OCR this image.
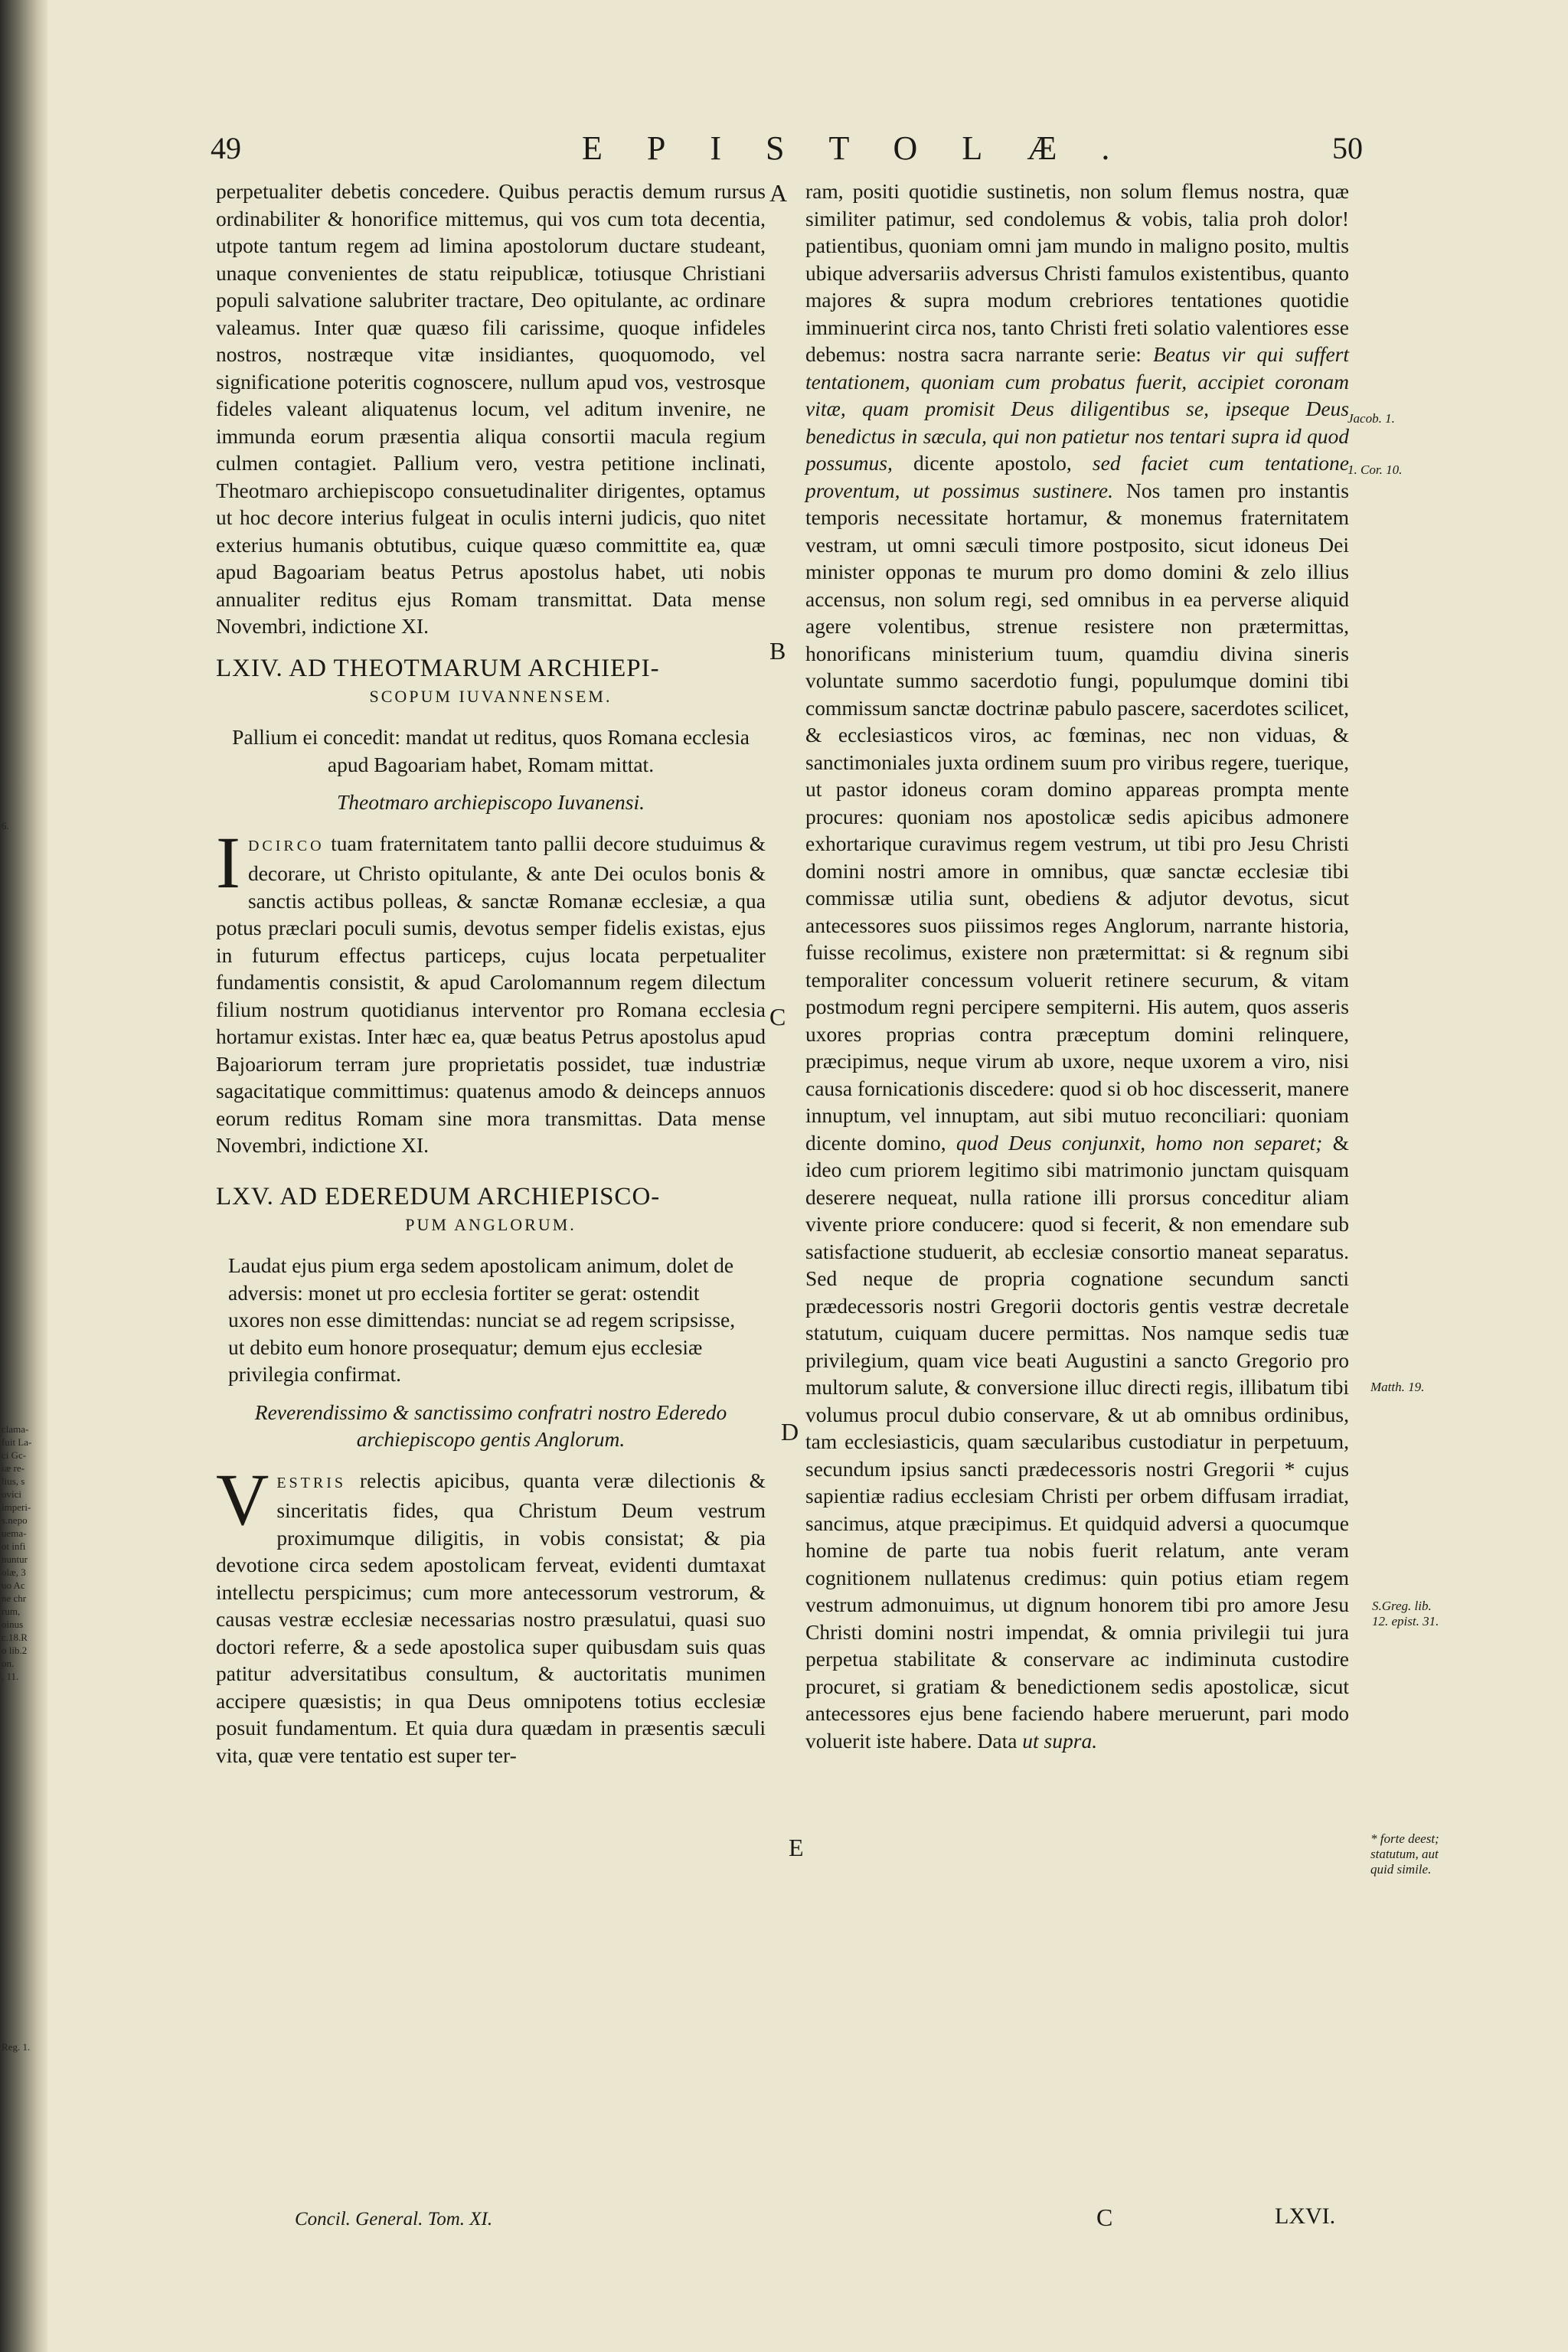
6.
clama-
fuit La-
ci Gc-
iæ re-
lius, s
ovici
imperi-
s.nepo
uema-
ot infi
nuntur
olæ, 3
uo Ac
ne chr
rum,
oinus
c.18.R
o lib.2
on.
, 11.
Reg. 1.
49	EPISTOLÆ.	50

perpetualiter debetis concedere. Quibus peractis demum rursus ordinabiliter & honorifice mittemus, qui vos cum tota decentia, utpote tantum regem ad limina apostolorum ductare studeant, unaque convenientes de statu reipublicæ, totiusque Christiani populi salvatione salubriter tractare, Deo opitulante, ac ordinare valeamus. Inter quæ quæso fili carissime, quoque infideles nostros, nostræque vitæ insidiantes, quoquomodo, vel significatione poteritis cognoscere, nullum apud vos, vestrosque fideles valeant aliquatenus locum, vel aditum invenire, ne immunda eorum præsentia aliqua consortii macula regium culmen contagiet. Pallium vero, vestra petitione inclinati, Theotmaro archiepiscopo consuetudinaliter dirigentes, optamus ut hoc decore interius fulgeat in oculis interni judicis, quo nitet exterius humanis obtutibus, cuique quæso committite ea, quæ apud Bagoariam beatus Petrus apostolus habet, uti nobis annualiter reditus ejus Romam transmittat. Data mense Novembri, indictione XI.

LXIV. AD THEOTMARUM ARCHIEPI-
SCOPUM IUVANNENSEM.
Pallium ei concedit: mandat ut reditus, quos Romana ecclesia apud Bagoariam habet, Romam mittat.
Theotmaro archiepiscopo Iuvanensi.
I DCIRCO tuam fraternitatem tanto pallii decore studuimus & decorare, ut Christo opitulante, & ante Dei oculos bonis & sanctis actibus polleas, & sanctæ Romanæ ecclesiæ, a qua potus præclari poculi sumis, devotus semper fidelis existas, ejus in futurum effectus particeps, cujus locata perpetualiter fundamentis consistit, & apud Carolomannum regem dilectum filium nostrum quotidianus interventor pro Romana ecclesia hortamur existas. Inter hæc ea, quæ beatus Petrus apostolus apud Bajoariorum terram jure proprietatis possidet, tuæ industriæ sagacitatique committimus: quatenus amodo & deinceps annuos eorum reditus Romam sine mora transmittas. Data mense Novembri, indictione XI.
LXV. AD EDEREDUM ARCHIEPISCO-
PUM ANGLORUM.
Laudat ejus pium erga sedem apostolicam animum, dolet de adversis: monet ut pro ecclesia fortiter se gerat: ostendit uxores non esse dimittendas: nunciat se ad regem scripsisse, ut debito eum honore prosequatur; demum ejus ecclesiæ privilegia confirmat.
Reverendissimo & sanctissimo confratri nostro Ederedo archiepiscopo gentis Anglorum.
V ESTRIS relectis apicibus, quanta veræ dilectionis & sinceritatis fides, qua Christum Deum vestrum proximumque diligitis, in vobis consistat; & pia devotione circa sedem apostolicam ferveat, evidenti dumtaxat intellectu perspicimus; cum more antecessorum vestrorum, & causas vestræ ecclesiæ necessarias nostro præsulatui, quasi suo doctori referre, & a sede apostolica super quibusdam suis quas patitur adversitatibus consultum, & auctoritatis munimen accipere quæsistis; in qua Deus omnipotens totius ecclesiæ posuit fundamentum. Et quia dura quædam in præsentis sæculi vita, quæ vere tentatio est super ter-
A
B
C
D
E

ram, positi quotidie sustinetis, non solum flemus nostra, quæ similiter patimur, sed condolemus & vobis, talia proh dolor! patientibus, quoniam omni jam mundo in maligno posito, multis ubique adversariis adversus Christi famulos existentibus, quanto majores & supra modum crebriores tentationes quotidie imminuerint circa nos, tanto Christi freti solatio valentiores esse debemus: nostra sacra narrante serie: Beatus vir qui suffert tentationem, quoniam cum probatus fuerit, accipiet coronam vitæ, quam promisit Deus diligentibus se, ipseque Deus benedictus in sæcula, qui non patietur nos tentari supra id quod possumus, dicente apostolo, sed faciet cum tentatione proventum, ut possimus sustinere. Nos tamen pro instantis temporis necessitate hortamur, & monemus fraternitatem vestram, ut omni sæculi timore postposito, sicut idoneus Dei minister opponas te murum pro domo domini & zelo illius accensus, non solum regi, sed omnibus in ea perverse aliquid agere volentibus, strenue resistere non prætermittas, honorificans ministerium tuum, quamdiu divina sineris voluntate summo sacerdotio fungi, populumque domini tibi commissum sanctæ doctrinæ pabulo pascere, sacerdotes scilicet, & ecclesiasticos viros, ac fœminas, nec non viduas, & sanctimoniales juxta ordinem suum pro viribus regere, tuerique, ut pastor idoneus coram domino appareas prompta mente procures: quoniam nos apostolicæ sedis apicibus admonere exhortarique curavimus regem vestrum, ut tibi pro Jesu Christi domini nostri amore in omnibus, quæ sanctæ ecclesiæ tibi commissæ utilia sunt, obediens & adjutor devotus, sicut antecessores suos piissimos reges Anglorum, narrante historia, fuisse recolimus, existere non prætermittat: si & regnum sibi temporaliter concessum voluerit retinere securum, & vitam postmodum regni percipere sempiterni. His autem, quos asseris uxores proprias contra præceptum domini relinquere, præcipimus, neque virum ab uxore, neque uxorem a viro, nisi causa fornicationis discedere: quod si ob hoc discesserit, manere innuptum, vel innuptam, aut sibi mutuo reconciliari: quoniam dicente domino, quod Deus conjunxit, homo non separet; & ideo cum priorem legitimo sibi matrimonio junctam quisquam deserere nequeat, nulla ratione illi prorsus conceditur aliam vivente priore conducere: quod si fecerit, & non emendare sub satisfactione studuerit, ab ecclesiæ consortio maneat separatus. Sed neque de propria cognatione secundum sancti prædecessoris nostri Gregorii doctoris gentis vestræ decretale statutum, cuiquam ducere permittas. Nos namque sedis tuæ privilegium, quam vice beati Augustini a sancto Gregorio pro multorum salute, & conversione illuc directi regis, illibatum tibi volumus procul dubio conservare, & ut ab omnibus ordinibus, tam ecclesiasticis, quam sæcularibus custodiatur in perpetuum, secundum ipsius sancti prædecessoris nostri Gregorii * cujus sapientiæ radius ecclesiam Christi per orbem diffusam irradiat, sancimus, atque præcipimus. Et quidquid adversi a quocumque homine de parte tua nobis fuerit relatum, ante veram cognitionem nullatenus credimus: quin potius etiam regem vestrum admonuimus, ut dignum honorem tibi pro amore Jesu Christi domini nostri impendat, & omnia privilegii tui jura perpetua stabilitate & conservare ac indiminuta custodire procuret, si gratiam & benedictionem sedis apostolicæ, sicut antecessores ejus bene faciendo habere meruerunt, pari modo voluerit iste habere. Data ut supra.

Jacob. 1.
1. Cor. 10.
Matth. 19.
S.Greg. lib. 12. epist. 31.
* forte deest; statutum, aut quid simile.
Concil. General. Tom. XI.	C	LXVI.
